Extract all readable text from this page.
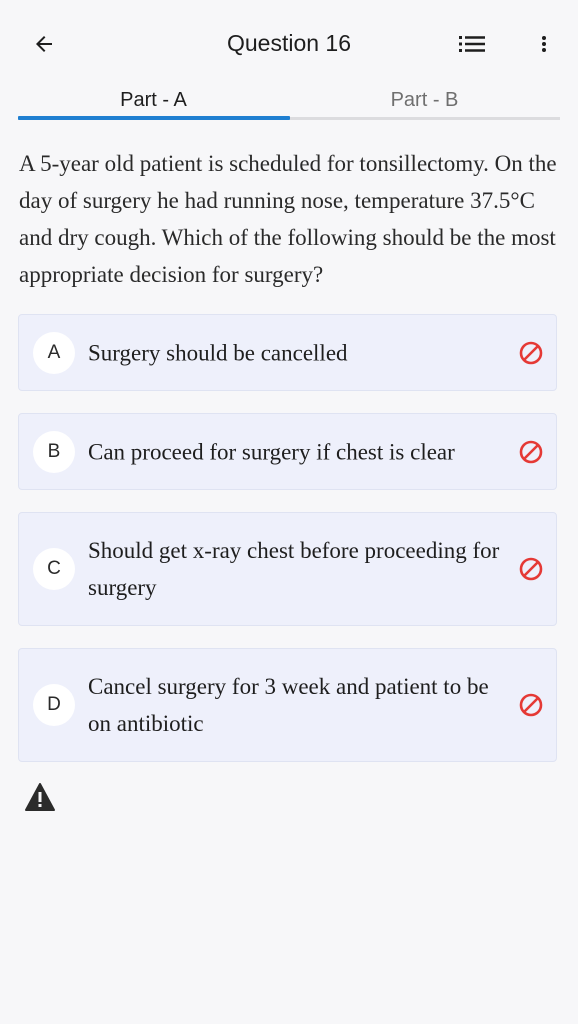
Question 16
Part - A	Part - B

A 5-year old patient is scheduled for tonsillectomy. On the day of surgery he had running nose, temperature 37.5°C and dry cough. Which of the following should be the most appropriate decision for surgery?

A	Surgery should be cancelled
B	Can proceed for surgery if chest is clear
C
Should get x-ray chest before proceeding for surgery
D
Cancel surgery for 3 week and patient to be on antibiotic
